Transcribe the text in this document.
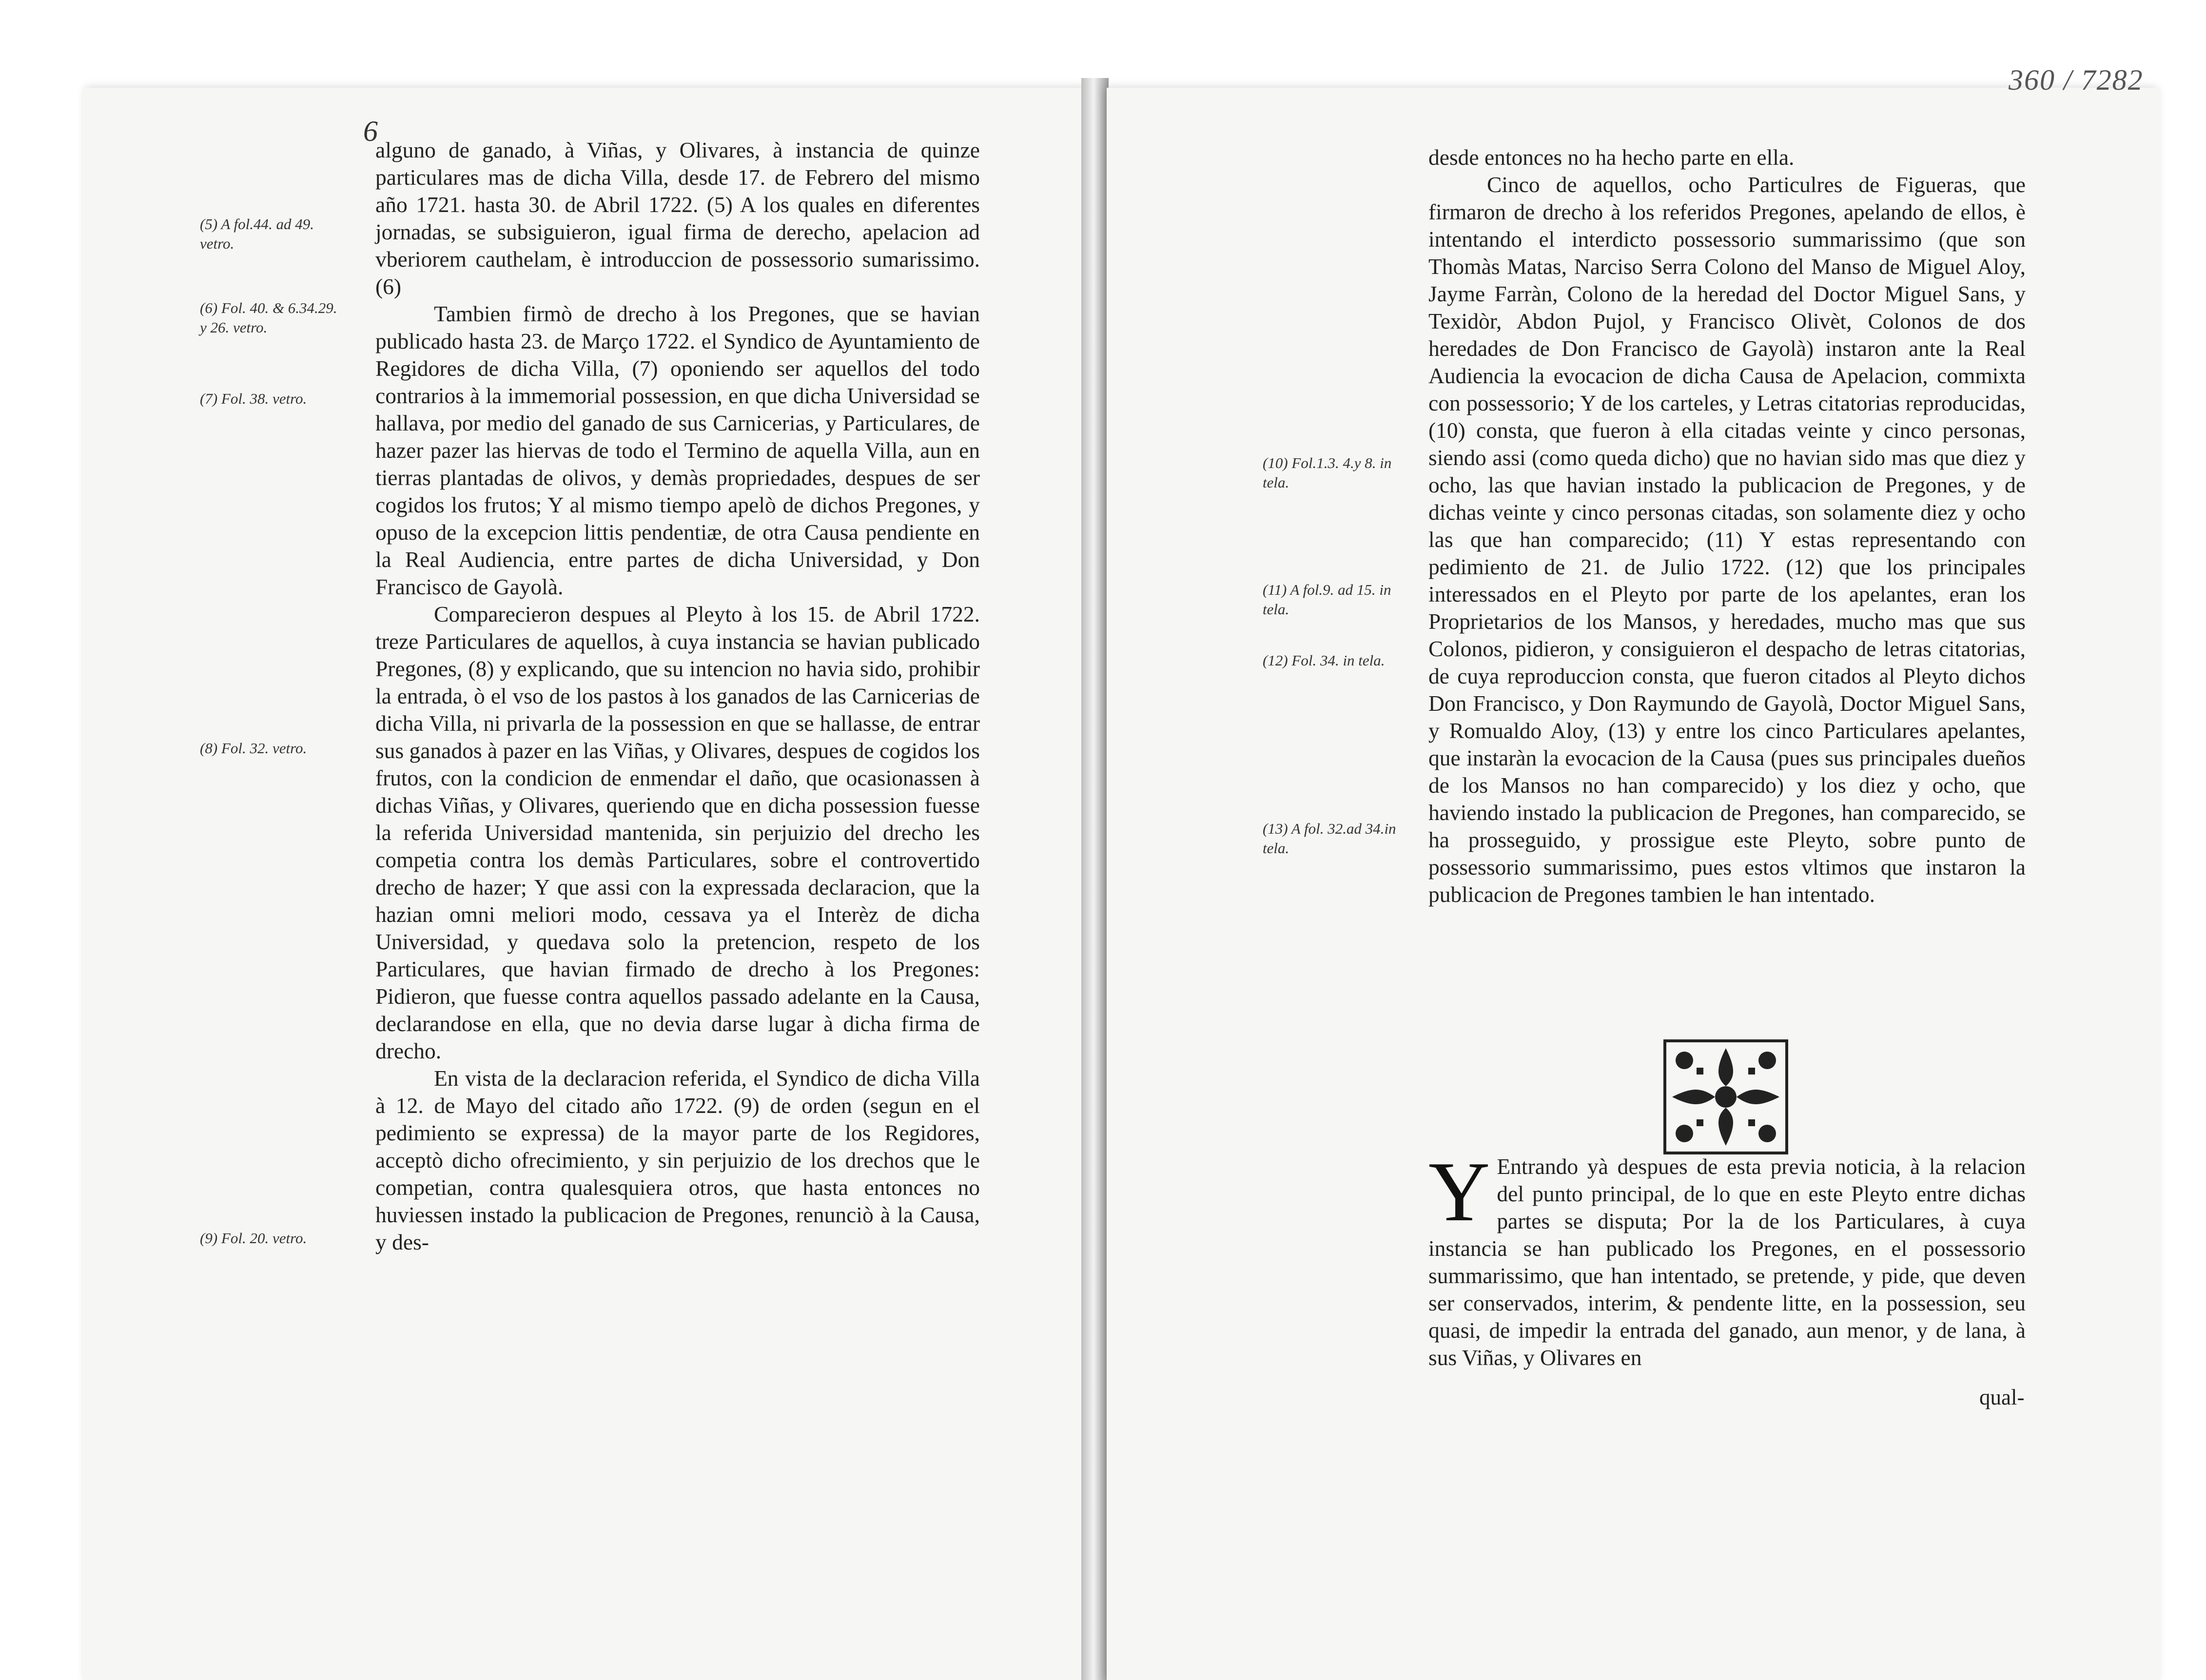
6

alguno de ganado, à Viñas, y Olivares, à instancia de quinze particulares mas de dicha Villa, desde 17. de Febrero del mismo año 1721. hasta 30. de Abril 1722. (5) A los quales en diferentes jornadas, se subsiguieron, igual firma de derecho, apelacion ad vberiorem cauthelam, è introduccion de possessorio sumarissimo. (6)

Tambien firmò de drecho à los Pregones, que se havian publicado hasta 23. de Março 1722. el Syndico de Ayuntamiento de Regidores de dicha Villa, (7) oponiendo ser aquellos del todo contrarios à la immemorial possession, en que dicha Universidad se hallava, por medio del ganado de sus Carnicerias, y Particulares, de hazer pazer las hiervas de todo el Termino de aquella Villa, aun en tierras plantadas de olivos, y demàs propriedades, despues de ser cogidos los frutos; Y al mismo tiempo apelò de dichos Pregones, y opuso de la excepcion littis pendentiæ, de otra Causa pendiente en la Real Audiencia, entre partes de dicha Universidad, y Don Francisco de Gayolà.

Comparecieron despues al Pleyto à los 15. de Abril 1722. treze Particulares de aquellos, à cuya instancia se havian publicado Pregones, (8) y explicando, que su intencion no havia sido, prohibir la entrada, ò el vso de los pastos à los ganados de las Carnicerias de dicha Villa, ni privarla de la possession en que se hallasse, de entrar sus ganados à pazer en las Viñas, y Olivares, despues de cogidos los frutos, con la condicion de enmendar el daño, que ocasionassen à dichas Viñas, y Olivares, queriendo que en dicha possession fuesse la referida Universidad mantenida, sin perjuizio del drecho les competia contra los demàs Particulares, sobre el controvertido drecho de hazer; Y que assi con la expressada declaracion, que la hazian omni meliori modo, cessava ya el Interèz de dicha Universidad, y quedava solo la pretencion, respeto de los Particulares, que havian firmado de drecho à los Pregones: Pidieron, que fuesse contra aquellos passado adelante en la Causa, declarandose en ella, que no devia darse lugar à dicha firma de drecho.

En vista de la declaracion referida, el Syndico de dicha Villa à 12. de Mayo del citado año 1722. (9) de orden (segun en el pedimiento se expressa) de la mayor parte de los Regidores, acceptò dicho ofrecimiento, y sin perjuizio de los drechos que le competian, contra qualesquiera otros, que hasta entonces no huviessen instado la publicacion de Pregones, renunciò à la Causa, y des-

(5) A fol.44. ad 49. vetro.
(6) Fol. 40. & 6.34.29. y 26. vetro.
(7) Fol. 38. vetro.
(8) Fol. 32. vetro.
(9) Fol. 20. vetro.
360 / 7282

desde entonces no ha hecho parte en ella.

Cinco de aquellos, ocho Particulres de Figueras, que firmaron de drecho à los referidos Pregones, apelando de ellos, è intentando el interdicto possessorio summarissimo (que son Thomàs Matas, Narciso Serra Colono del Manso de Miguel Aloy, Jayme Farràn, Colono de la heredad del Doctor Miguel Sans, y Texidòr, Abdon Pujol, y Francisco Olivèt, Colonos de dos heredades de Don Francisco de Gayolà) instaron ante la Real Audiencia la evocacion de dicha Causa de Apelacion, commixta con possessorio; Y de los carteles, y Letras citatorias reproducidas, (10) consta, que fueron à ella citadas veinte y cinco personas, siendo assi (como queda dicho) que no havian sido mas que diez y ocho, las que havian instado la publicacion de Pregones, y de dichas veinte y cinco personas citadas, son solamente diez y ocho las que han comparecido; (11) Y estas representando con pedimiento de 21. de Julio 1722. (12) que los principales interessados en el Pleyto por parte de los apelantes, eran los Proprietarios de los Mansos, y heredades, mucho mas que sus Colonos, pidieron, y consiguieron el despacho de letras citatorias, de cuya reproduccion consta, que fueron citados al Pleyto dichos Don Francisco, y Don Raymundo de Gayolà, Doctor Miguel Sans, y Romualdo Aloy, (13) y entre los cinco Particulares apelantes, que instaràn la evocacion de la Causa (pues sus principales dueños de los Mansos no han comparecido) y los diez y ocho, que haviendo instado la publicacion de Pregones, han comparecido, se ha prosseguido, y prossigue este Pleyto, sobre punto de possessorio summarissimo, pues estos vltimos que instaron la publicacion de Pregones tambien le han intentado.

(10) Fol.1.3. 4.y 8. in tela.
(11) A fol.9. ad 15. in tela.
(12) Fol. 34. in tela.
(13) A fol. 32.ad 34.in tela.

Y Entrando yà despues de esta previa noticia, à la relacion del punto principal, de lo que en este Pleyto entre dichas partes se disputa; Por la de los Particulares, à cuya instancia se han publicado los Pregones, en el possessorio summarissimo, que han intentado, se pretende, y pide, que deven ser conservados, interim, & pendente litte, en la possession, seu quasi, de impedir la entrada del ganado, aun menor, y de lana, à sus Viñas, y Olivares en

qual-
